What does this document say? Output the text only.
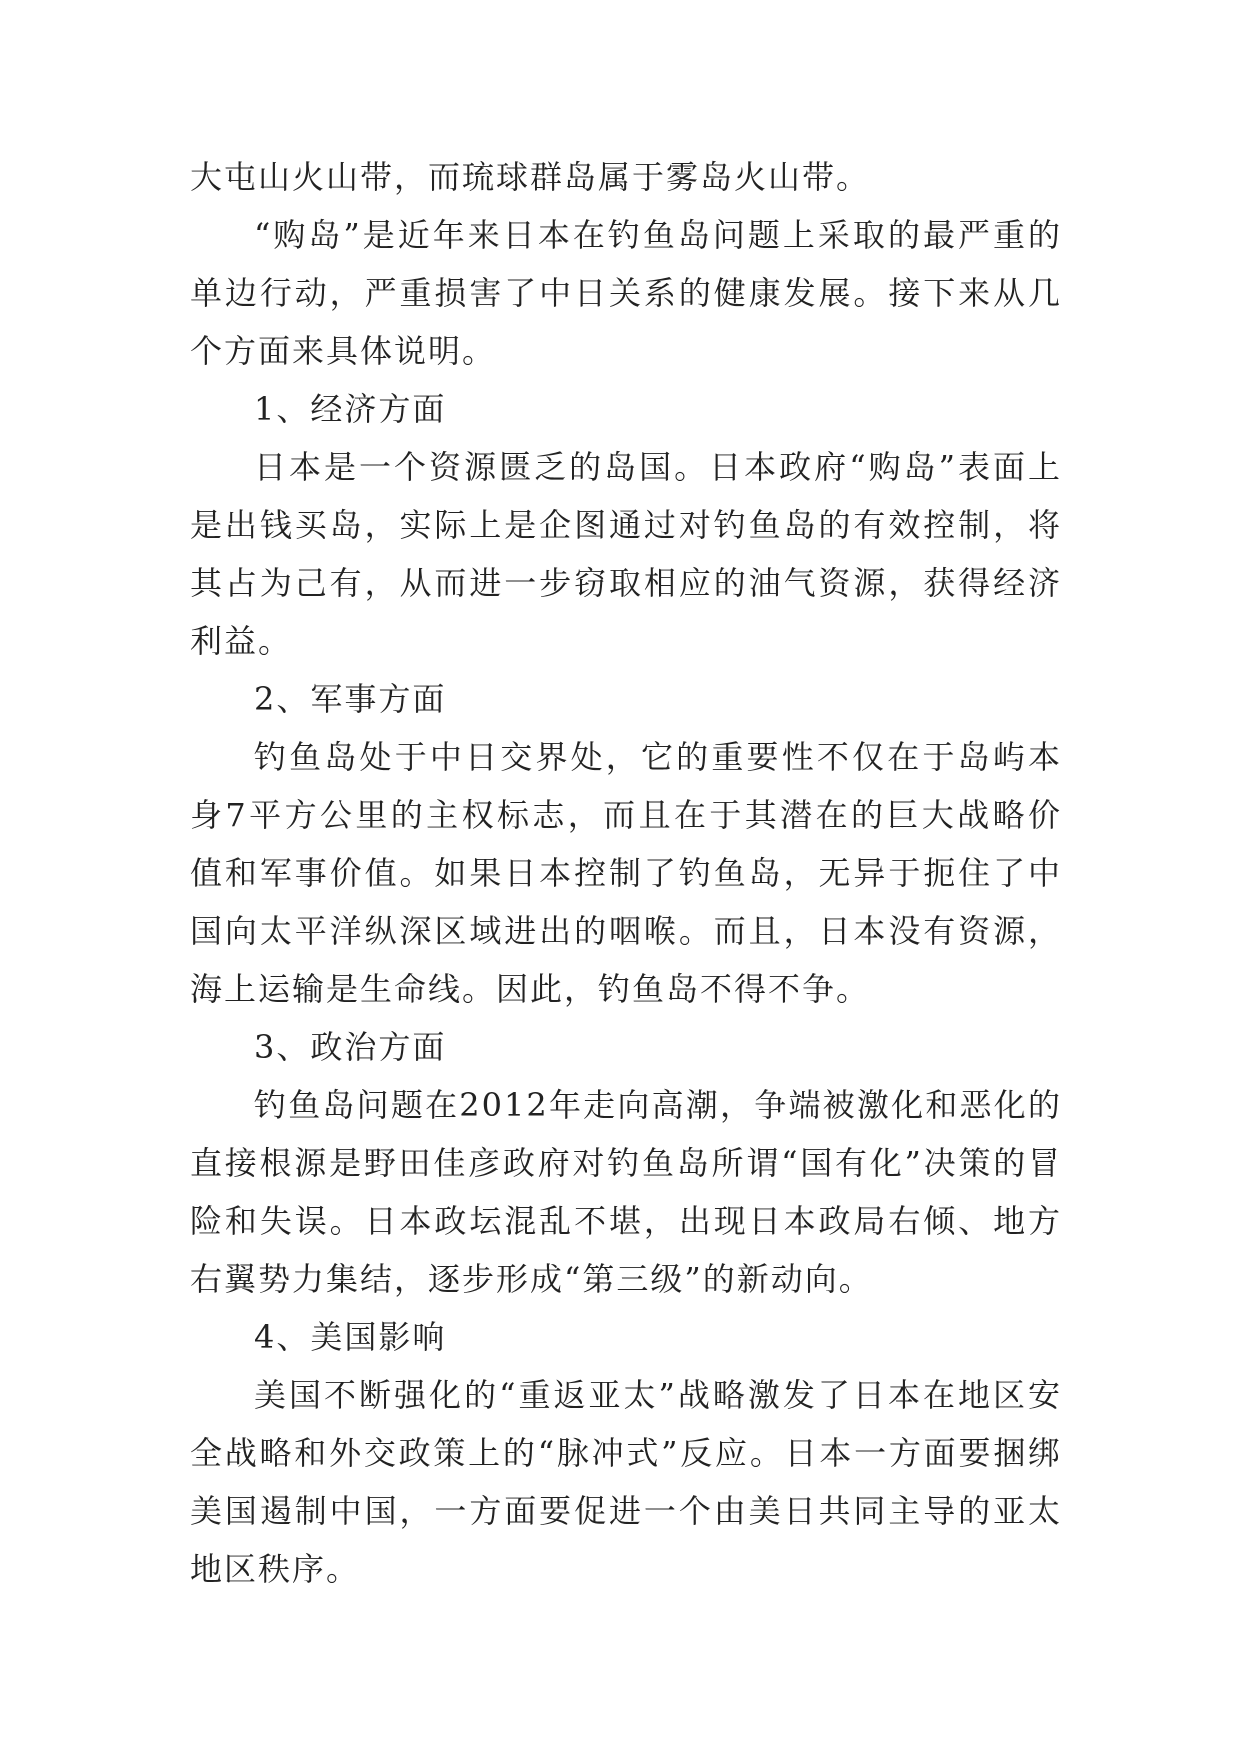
大屯山火山带，而琉球群岛属于雾岛火山带。

“购岛”是近年来日本在钓鱼岛问题上采取的最严重的单边行动，严重损害了中日关系的健康发展。接下来从几个方面来具体说明。

1、经济方面

日本是一个资源匮乏的岛国。日本政府“购岛”表面上是出钱买岛，实际上是企图通过对钓鱼岛的有效控制，将其占为己有，从而进一步窃取相应的油气资源，获得经济利益。

2、军事方面

钓鱼岛处于中日交界处，它的重要性不仅在于岛屿本身7平方公里的主权标志，而且在于其潜在的巨大战略价值和军事价值。如果日本控制了钓鱼岛，无异于扼住了中国向太平洋纵深区域进出的咽喉。而且，日本没有资源，海上运输是生命线。因此，钓鱼岛不得不争。

3、政治方面

钓鱼岛问题在2012年走向高潮，争端被激化和恶化的直接根源是野田佳彦政府对钓鱼岛所谓“国有化”决策的冒险和失误。日本政坛混乱不堪，出现日本政局右倾、地方右翼势力集结，逐步形成“第三级”的新动向。

4、美国影响

美国不断强化的“重返亚太”战略激发了日本在地区安全战略和外交政策上的“脉冲式”反应。日本一方面要捆绑美国遏制中国，一方面要促进一个由美日共同主导的亚太地区秩序。
